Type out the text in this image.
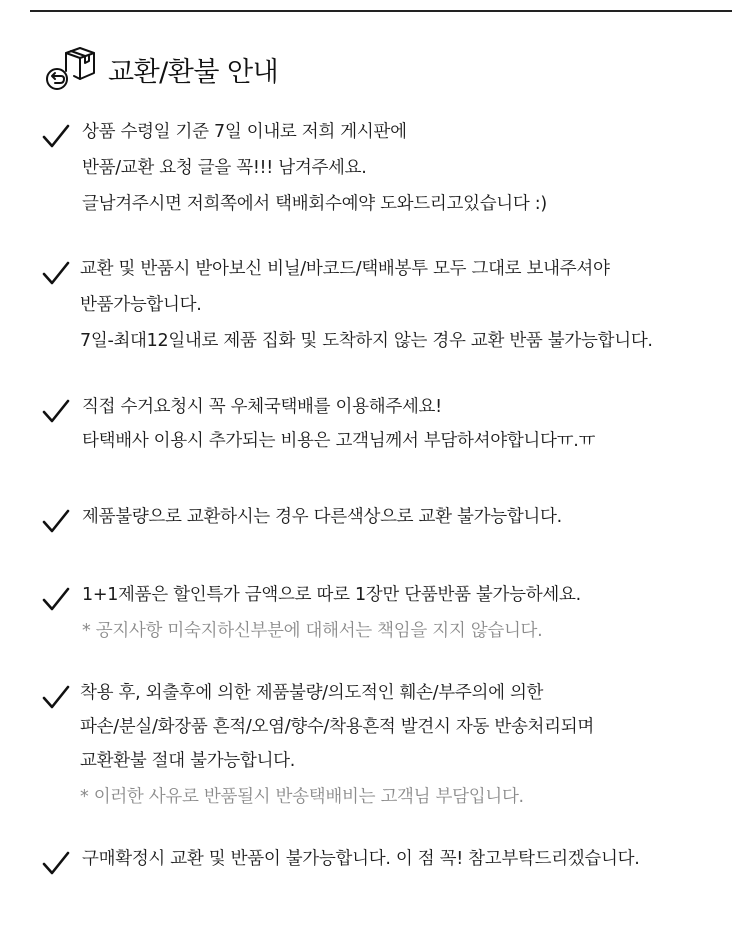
교환/환불 안내
상품 수령일 기준 7일 이내로 저희 게시판에
반품/교환 요청 글을 꼭!!! 남겨주세요.
글남겨주시면 저희쪽에서 택배회수예약 도와드리고있습니다 :)
교환 및 반품시 받아보신 비닐/바코드/택배봉투 모두 그대로 보내주셔야
반품가능합니다.
7일-최대12일내로 제품 집화 및 도착하지 않는 경우 교환 반품 불가능합니다.
직접 수거요청시 꼭 우체국택배를 이용해주세요!
타택배사 이용시 추가되는 비용은 고객님께서 부담하셔야합니다ㅠ.ㅠ
제품불량으로 교환하시는 경우 다른색상으로 교환 불가능합니다.
1+1제품은 할인특가 금액으로 따로 1장만 단품반품 불가능하세요.
* 공지사항 미숙지하신부분에 대해서는 책임을 지지 않습니다.
착용 후, 외출후에 의한 제품불량/의도적인 훼손/부주의에 의한
파손/분실/화장품 흔적/오염/향수/착용흔적 발견시 자동 반송처리되며
교환환불 절대 불가능합니다.
* 이러한 사유로 반품될시 반송택배비는 고객님 부담입니다.
구매확정시 교환 및 반품이 불가능합니다. 이 점 꼭! 참고부탁드리겠습니다.
